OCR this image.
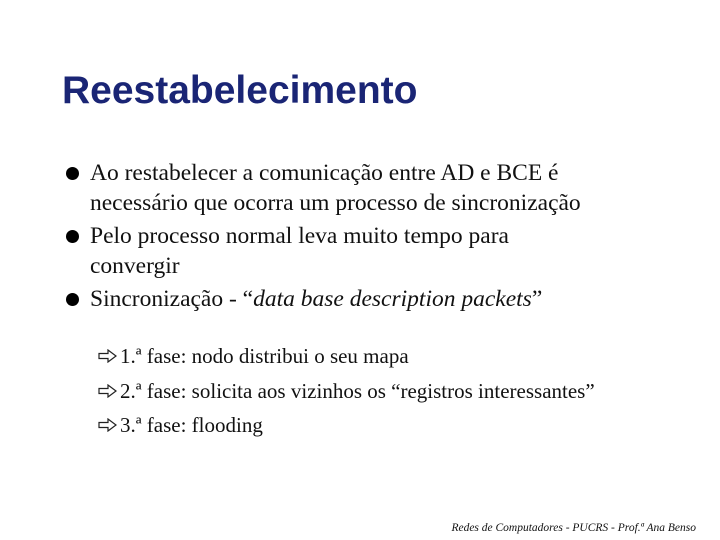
Reestabelecimento
Ao restabelecer a comunicação entre AD e BCE é
necessário que ocorra um processo de sincronização
Pelo processo normal leva muito tempo para
convergir
Sincronização - “data base description packets”
1.ª fase: nodo distribui o seu mapa
2.ª fase: solicita aos vizinhos os “registros interessantes”
3.ª fase: flooding
Redes de Computadores - PUCRS - Prof.ª Ana Benso
